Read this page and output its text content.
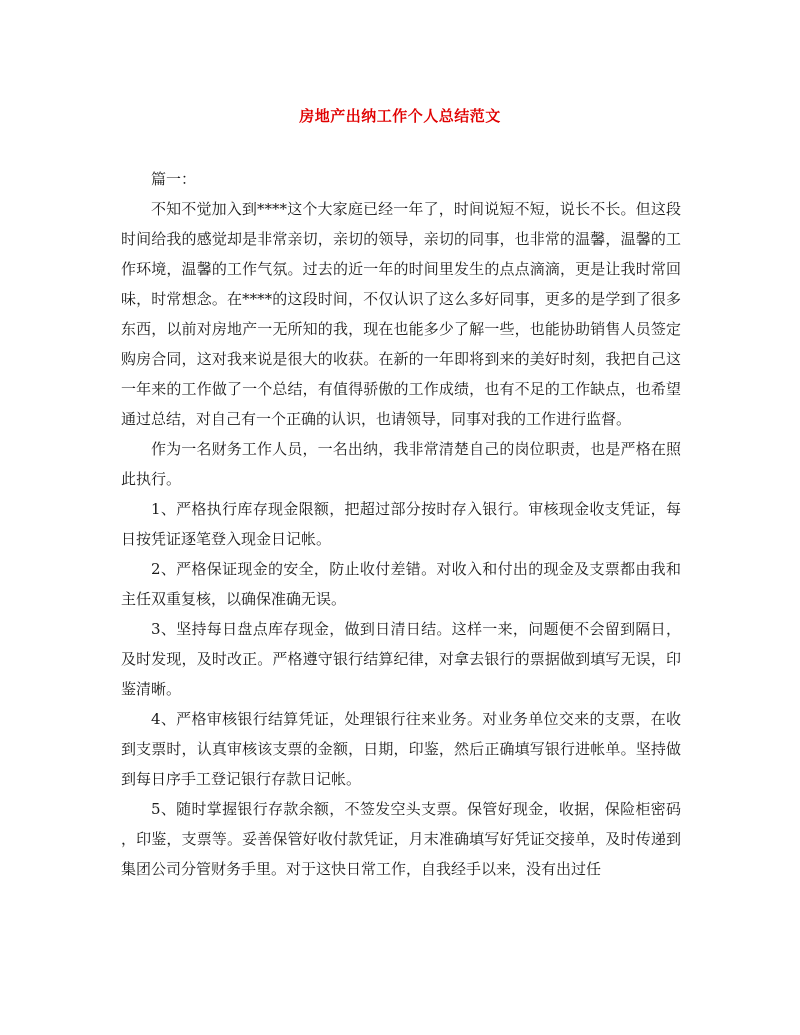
房地产出纳工作个人总结范文

篇一：

不知不觉加入到****这个大家庭已经一年了，时间说短不短，说长不长。但这段时间给我的感觉却是非常亲切，亲切的领导，亲切的同事，也非常的温馨，温馨的工作环境，温馨的工作气氛。过去的近一年的时间里发生的点点滴滴，更是让我时常回味，时常想念。在****的这段时间，不仅认识了这么多好同事，更多的是学到了很多东西，以前对房地产一无所知的我，现在也能多少了解一些，也能协助销售人员签定购房合同，这对我来说是很大的收获。在新的一年即将到来的美好时刻，我把自己这一年来的工作做了一个总结，有值得骄傲的工作成绩，也有不足的工作缺点，也希望通过总结，对自己有一个正确的认识，也请领导，同事对我的工作进行监督。

作为一名财务工作人员，一名出纳，我非常清楚自己的岗位职责，也是严格在照此执行。

1、严格执行库存现金限额，把超过部分按时存入银行。审核现金收支凭证，每日按凭证逐笔登入现金日记帐。

2、严格保证现金的安全，防止收付差错。对收入和付出的现金及支票都由我和主任双重复核，以确保准确无误。

3、坚持每日盘点库存现金，做到日清日结。这样一来，问题便不会留到隔日，及时发现，及时改正。严格遵守银行结算纪律，对拿去银行的票据做到填写无误，印鉴清晰。

4、严格审核银行结算凭证，处理银行往来业务。对业务单位交来的支票，在收到支票时，认真审核该支票的金额，日期，印鉴，然后正确填写银行进帐单。坚持做到每日序手工登记银行存款日记帐。

5、随时掌握银行存款余额，不签发空头支票。保管好现金，收据，保险柜密码，印鉴，支票等。妥善保管好收付款凭证，月末准确填写好凭证交接单，及时传递到集团公司分管财务手里。对于这快日常工作，自我经手以来，没有出过任
